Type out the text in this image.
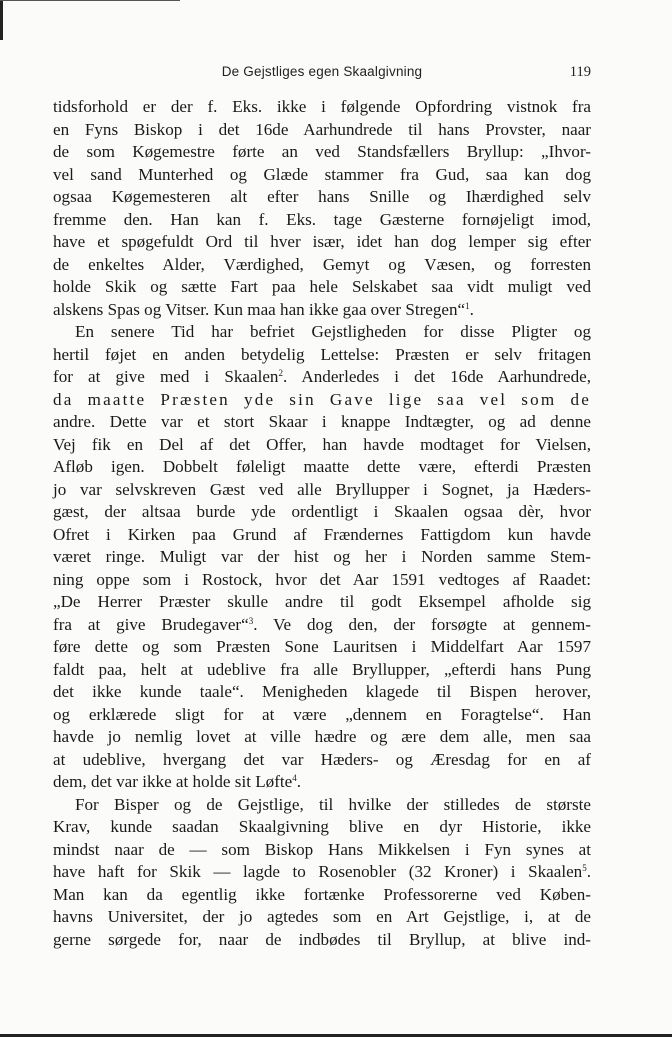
De Gejstliges egen Skaalgivning	119
tidsforhold er der f. Eks. ikke i følgende Opfordring vistnok fra
en Fyns Biskop i det 16de Aarhundrede til hans Provster, naar
de som Køgemestre førte an ved Standsfællers Bryllup: „Ihvor-
vel sand Munterhed og Glæde stammer fra Gud, saa kan dog
ogsaa Køgemesteren alt efter hans Snille og Ihærdighed selv
fremme den. Han kan f. Eks. tage Gæsterne fornøjeligt imod,
have et spøgefuldt Ord til hver især, idet han dog lemper sig efter
de enkeltes Alder, Værdighed, Gemyt og Væsen, og forresten
holde Skik og sætte Fart paa hele Selskabet saa vidt muligt ved
alskens Spas og Vitser. Kun maa han ikke gaa over Stregen“$^1$.
En senere Tid har befriet Gejstligheden for disse Pligter og
hertil føjet en anden betydelig Lettelse: Præsten er selv fritagen
for at give med i Skaalen$^2$. Anderledes i det 16de Aarhundrede,
da maatte Præsten yde sin Gave lige saa vel som de
andre. Dette var et stort Skaar i knappe Indtægter, og ad denne
Vej fik en Del af det Offer, han havde modtaget for Vielsen,
Afløb igen. Dobbelt føleligt maatte dette være, efterdi Præsten
jo var selvskreven Gæst ved alle Bryllupper i Sognet, ja Hæders-
gæst, der altsaa burde yde ordentligt i Skaalen ogsaa dèr, hvor
Ofret i Kirken paa Grund af Frændernes Fattigdom kun havde
været ringe. Muligt var der hist og her i Norden samme Stem-
ning oppe som i Rostock, hvor det Aar 1591 vedtoges af Raadet:
„De Herrer Præster skulle andre til godt Eksempel afholde sig
fra at give Brudegaver“$^3$. Ve dog den, der forsøgte at gennem-
føre dette og som Præsten Sone Lauritsen i Middelfart Aar 1597
faldt paa, helt at udeblive fra alle Bryllupper, „efterdi hans Pung
det ikke kunde taale“. Menigheden klagede til Bispen herover,
og erklærede sligt for at være „dennem en Foragtelse“. Han
havde jo nemlig lovet at ville hædre og ære dem alle, men saa
at udeblive, hvergang det var Hæders- og Æresdag for en af
dem, det var ikke at holde sit Løfte$^4$.
For Bisper og de Gejstlige, til hvilke der stilledes de største
Krav, kunde saadan Skaalgivning blive en dyr Historie, ikke
mindst naar de — som Biskop Hans Mikkelsen i Fyn synes at
have haft for Skik — lagde to Rosenobler (32 Kroner) i Skaalen$^5$.
Man kan da egentlig ikke fortænke Professorerne ved Køben-
havns Universitet, der jo agtedes som en Art Gejstlige, i, at de
gerne sørgede for, naar de indbødes til Bryllup, at blive ind-
